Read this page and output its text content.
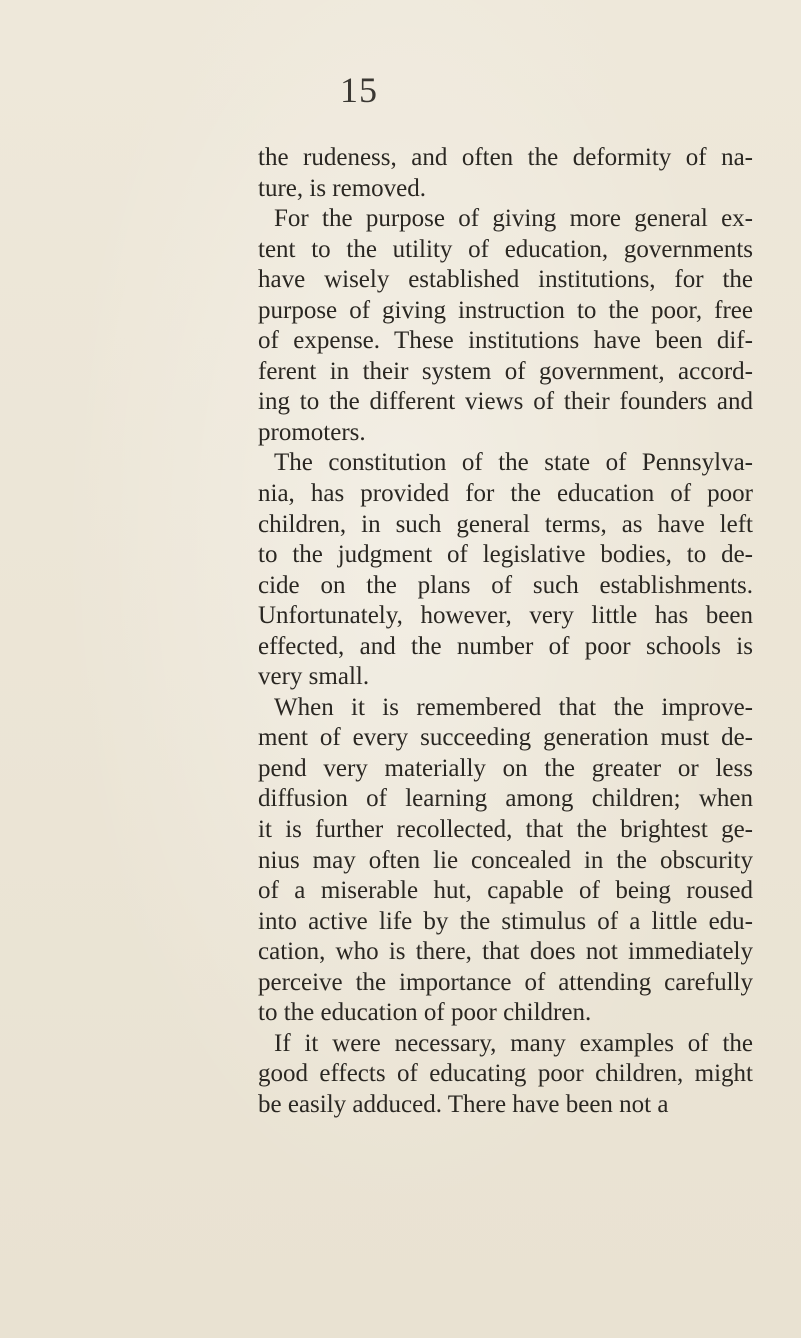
15
the rudeness, and often the deformity of na-
ture, is removed.
For the purpose of giving more general ex-
tent to the utility of education, governments
have wisely established institutions, for the
purpose of giving instruction to the poor, free
of expense. These institutions have been dif-
ferent in their system of government, accord-
ing to the different views of their founders and
promoters.
The constitution of the state of Pennsylva-
nia, has provided for the education of poor
children, in such general terms, as have left
to the judgment of legislative bodies, to de-
cide on the plans of such establishments.
Unfortunately, however, very little has been
effected, and the number of poor schools is
very small.
When it is remembered that the improve-
ment of every succeeding generation must de-
pend very materially on the greater or less
diffusion of learning among children; when
it is further recollected, that the brightest ge-
nius may often lie concealed in the obscurity
of a miserable hut, capable of being roused
into active life by the stimulus of a little edu-
cation, who is there, that does not immediately
perceive the importance of attending carefully
to the education of poor children.
If it were necessary, many examples of the
good effects of educating poor children, might
be easily adduced. There have been not a
